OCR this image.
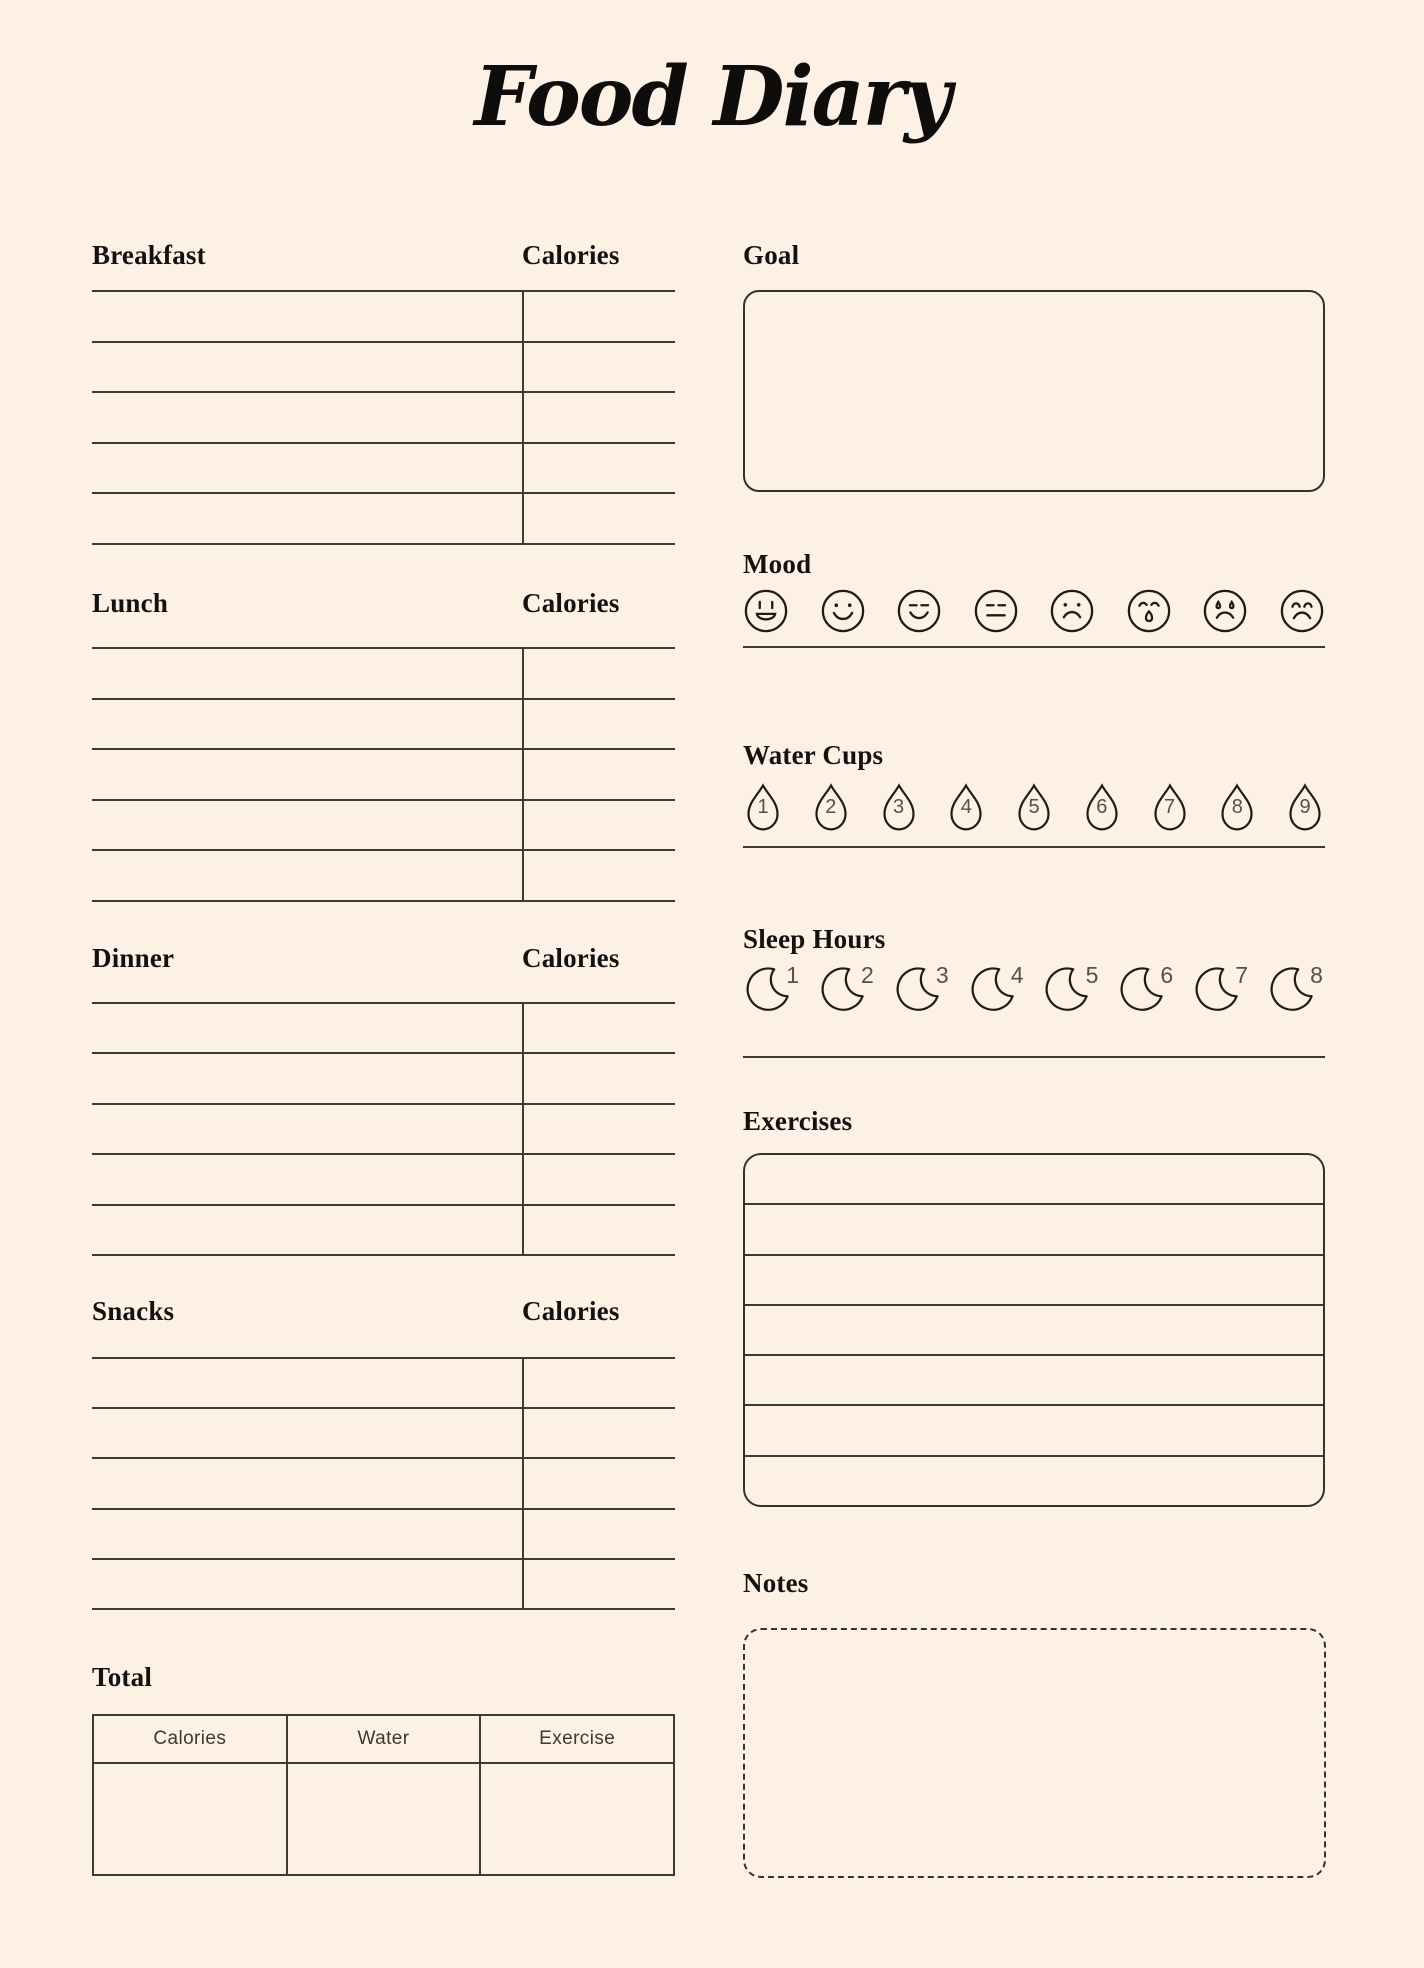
Food Diary
Breakfast	Calories
Lunch	Calories
Dinner	Calories
Snacks	Calories
Total
Calories	Water	Exercise
Goal
Mood
Water Cups
1	2	3	4	5	6	7	8	9
Sleep Hours
1	2	3	4	5	6	7	8
Exercises
Notes
